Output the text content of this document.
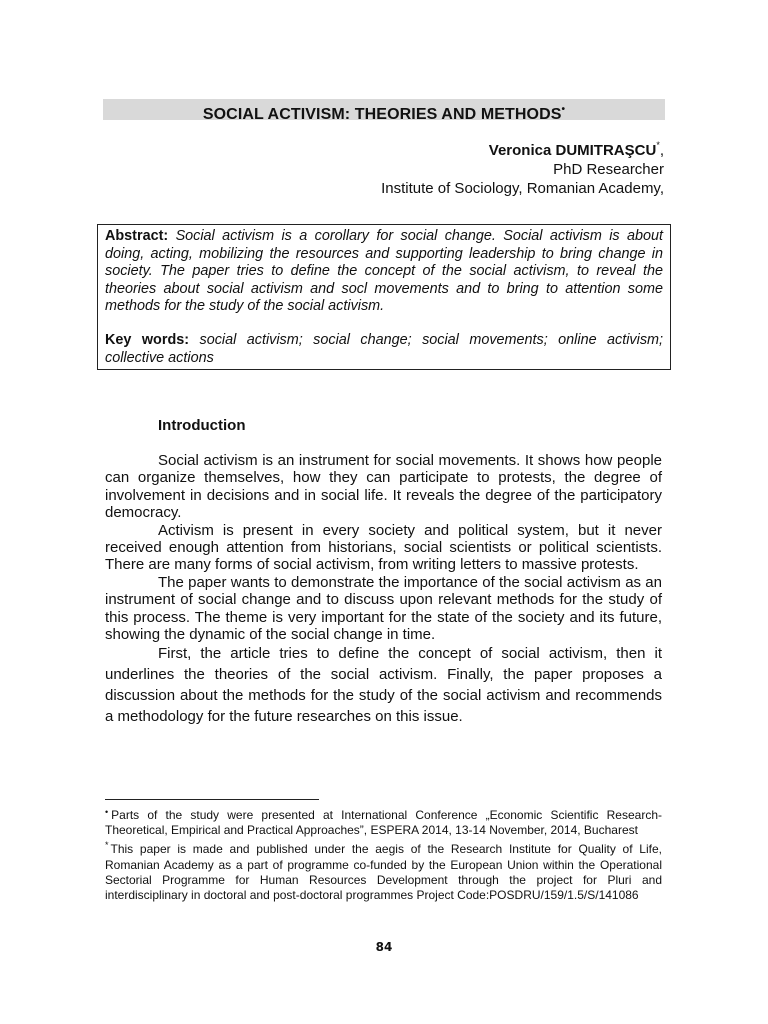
SOCIAL ACTIVISM: THEORIES AND METHODS•
Veronica DUMITRAŞCU*,
PhD Researcher
Institute of Sociology, Romanian Academy,

Abstract: Social activism is a corollary for social change. Social activism is about doing, acting, mobilizing the resources and supporting leadership to bring change in society. The paper tries to define the concept of the social activism, to reveal the theories about social activism and socl movements and to bring to attention some methods for the study of the social activism.

Key words: social activism; social change; social movements; online activism; collective actions

Introduction

Social activism is an instrument for social movements. It shows how people can organize themselves, how they can participate to protests, the degree of involvement in decisions and in social life. It reveals the degree of the participatory democracy.

Activism is present in every society and political system, but it never received enough attention from historians, social scientists or political scientists. There are many forms of social activism, from writing letters to massive protests.

The paper wants to demonstrate the importance of the social activism as an instrument of social change and to discuss upon relevant methods for the study of this process. The theme is very important for the state of the society and its future, showing the dynamic of the social change in time.

First, the article tries to define the concept of social activism, then it underlines the theories of the social activism. Finally, the paper proposes a discussion about the methods for the study of the social activism and recommends a methodology for the future researches on this issue.

• Parts of the study were presented at International Conference „Economic Scientific Research- Theoretical, Empirical and Practical Approaches”, ESPERA 2014, 13-14 November, 2014, Bucharest

* This paper is made and published under the aegis of the Research Institute for Quality of Life, Romanian Academy as a part of programme co-funded by the European Union within the Operational Sectorial Programme for Human Resources Development through the project for Pluri and interdisciplinary in doctoral and post-doctoral programmes Project Code:POSDRU/159/1.5/S/141086

84
